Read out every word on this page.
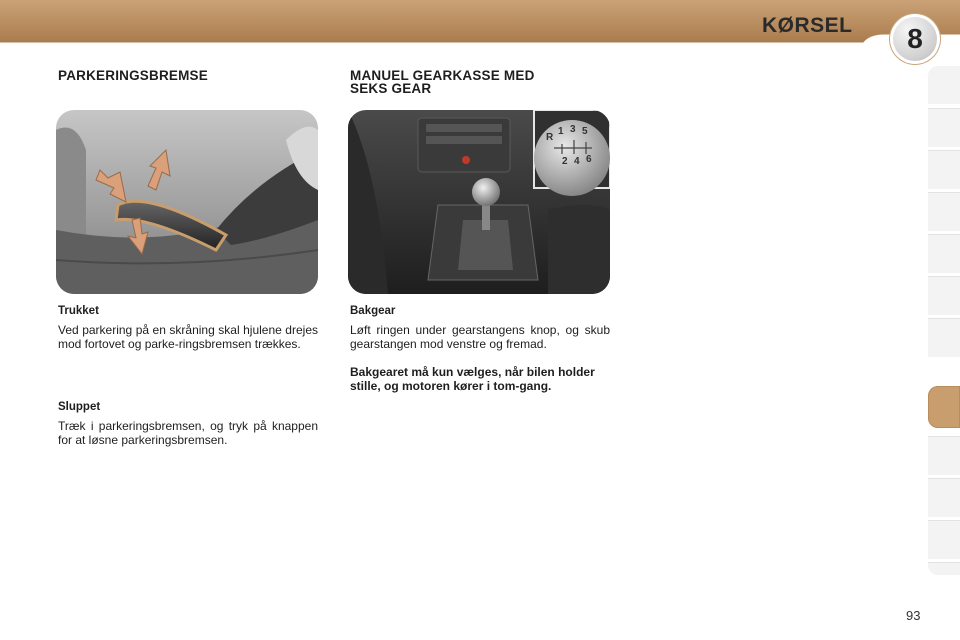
KØRSEL	8
PARKERINGSBREMSE
Trukket

Ved parkering på en skråning skal hjulene drejes mod fortovet og parke-ringsbremsen trækkes.

Sluppet

Træk i parkeringsbremsen, og tryk på knappen for at løsne parkeringsbremsen.

MANUEL GEARKASSE MED
SEKS GEAR
R
1 3 5
2 4 6
Bakgear

Løft ringen under gearstangens knop, og skub gearstangen mod venstre og fremad.

Bakgearet må kun vælges, når bilen holder stille, og motoren kører i tom-gang.

93
